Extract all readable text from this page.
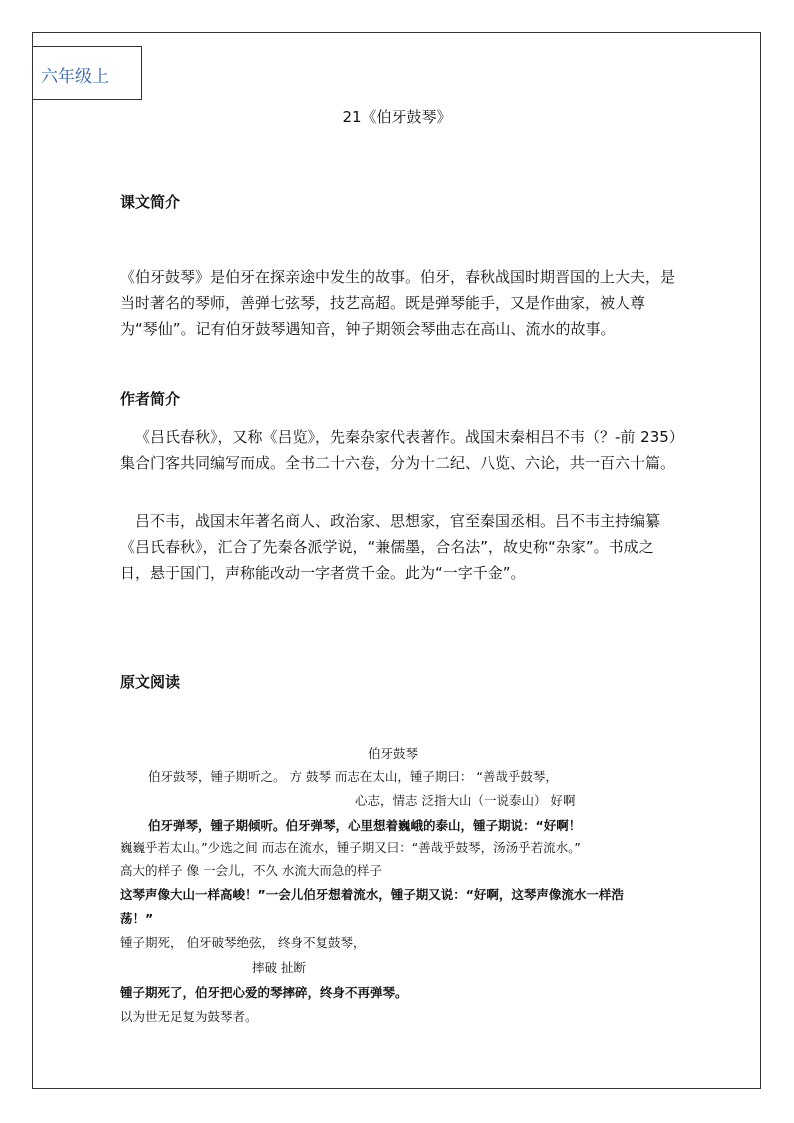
六年级上
21《伯牙鼓琴》
课文简介

《伯牙鼓琴》是伯牙在探亲途中发生的故事。伯牙，春秋战国时期晋国的上大夫，是当时著名的琴师，善弹七弦琴，技艺高超。既是弹琴能手，又是作曲家，被人尊为“琴仙”。记有伯牙鼓琴遇知音，钟子期领会琴曲志在高山、流水的故事。

作者简介

《吕氏春秋》，又称《吕览》，先秦杂家代表著作。战国末秦相吕不韦（？-前 235）集合门客共同编写而成。全书二十六卷，分为十二纪、八览、六论，共一百六十篇。

吕不韦，战国末年著名商人、政治家、思想家，官至秦国丞相。吕不韦主持编纂《吕氏春秋》，汇合了先秦各派学说，“兼儒墨，合名法”，故史称“杂家”。书成之日，悬于国门，声称能改动一字者赏千金。此为“一字千金”。

原文阅读
伯牙鼓琴
伯牙鼓琴，锺子期听之。 方 鼓琴 而志在太山，锺子期曰： “善哉乎鼓琴，
心志，情志 泛指大山（一说泰山） 好啊
伯牙弹琴，锺子期倾听。伯牙弹琴，心里想着巍峨的泰山，锺子期说：“好啊！
巍巍乎若太山。”少选之间 而志在流水，锺子期又曰：“善哉乎鼓琴，汤汤乎若流水。”
高大的样子 像 一会儿，不久 水流大而急的样子
这琴声像大山一样高峻！”一会儿伯牙想着流水，锺子期又说：“好啊，这琴声像流水一样浩
荡！”
锺子期死， 伯牙破琴绝弦， 终身不复鼓琴，
摔破 扯断
锺子期死了，伯牙把心爱的琴摔碎，终身不再弹琴。
以为世无足复为鼓琴者。
